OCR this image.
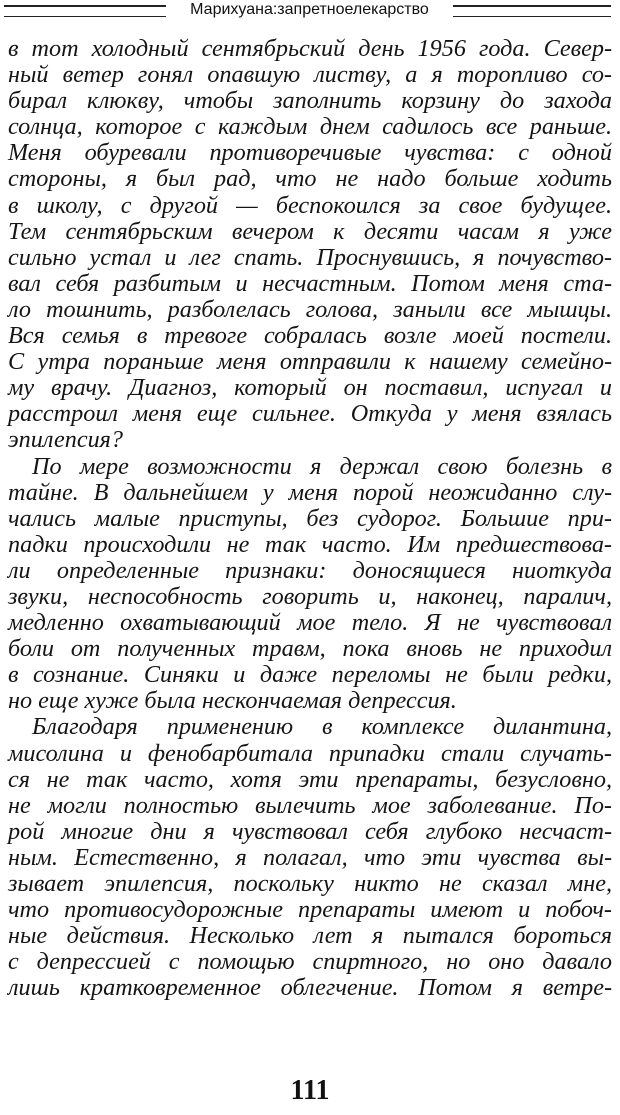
Марихуана:запретноелекарство
в тот холодный сентябрьский день 1956 года. Север-
ный ветер гонял опавшую листву, а я торопливо со-
бирал клюкву, чтобы заполнить корзину до захода
солнца, которое с каждым днем садилось все раньше.
Меня обуревали противоречивые чувства: с одной
стороны, я был рад, что не надо больше ходить
в школу, с другой — беспокоился за свое будущее.
Тем сентябрьским вечером к десяти часам я уже
сильно устал и лег спать. Проснувшись, я почувство-
вал себя разбитым и несчастным. Потом меня ста-
ло тошнить, разболелась голова, заныли все мышцы.
Вся семья в тревоге собралась возле моей постели.
С утра пораньше меня отправили к нашему семейно-
му врачу. Диагноз, который он поставил, испугал и
расстроил меня еще сильнее. Откуда у меня взялась
эпилепсия?
По мере возможности я держал свою болезнь в
тайне. В дальнейшем у меня порой неожиданно слу-
чались малые приступы, без судорог. Большие при-
падки происходили не так часто. Им предшествова-
ли определенные признаки: доносящиеся ниоткуда
звуки, неспособность говорить и, наконец, паралич,
медленно охватывающий мое тело. Я не чувствовал
боли от полученных травм, пока вновь не приходил
в сознание. Синяки и даже переломы не были редки,
но еще хуже была нескончаемая депрессия.
Благодаря применению в комплексе дилантина,
мисолина и фенобарбитала припадки стали случать-
ся не так часто, хотя эти препараты, безусловно,
не могли полностью вылечить мое заболевание. По-
рой многие дни я чувствовал себя глубоко несчаст-
ным. Естественно, я полагал, что эти чувства вы-
зывает эпилепсия, поскольку никто не сказал мне,
что противосудорожные препараты имеют и побоч-
ные действия. Несколько лет я пытался бороться
с депрессией с помощью спиртного, но оно давало
лишь кратковременное облегчение. Потом я ветре-
111
